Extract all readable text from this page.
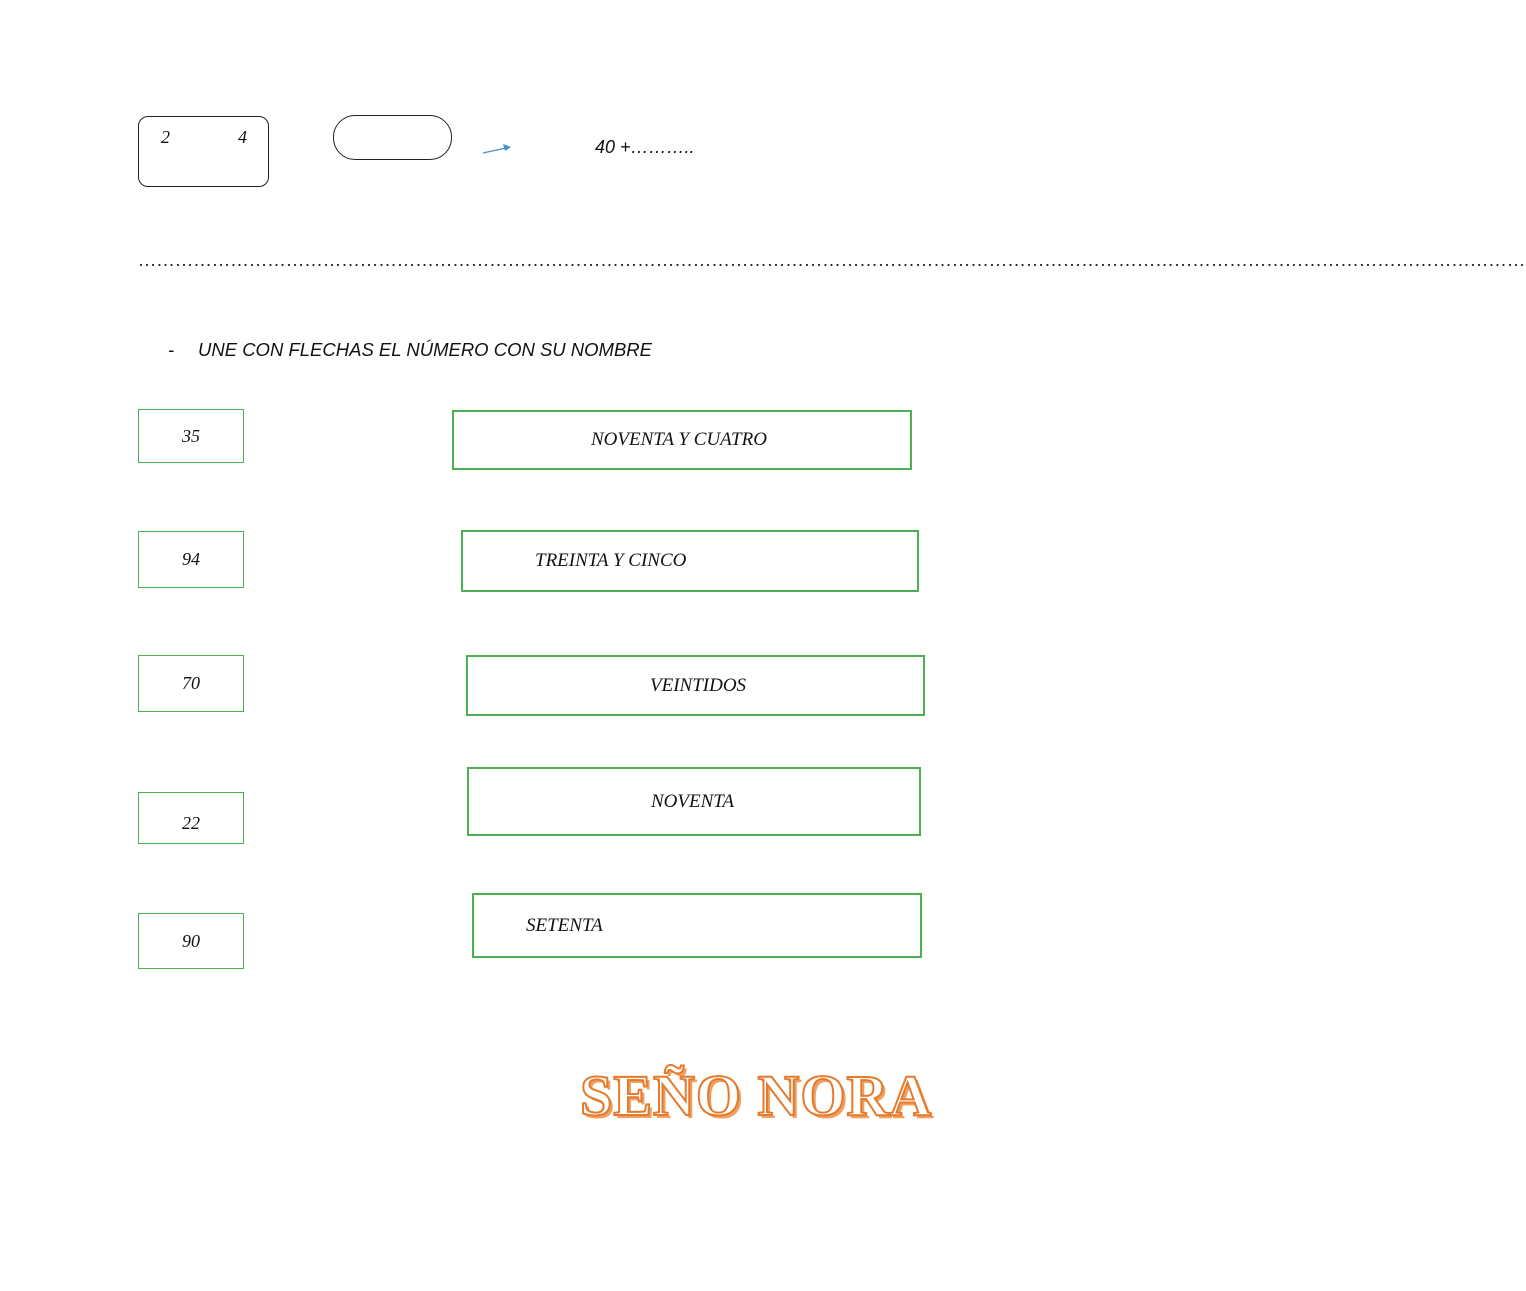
2	4	40 +………..
………………………………………………………………………………………………………………………………………………………………………………………………………
- UNE CON FLECHAS EL NÚMERO CON SU NOMBRE
35
94
70
22
90
NOVENTA Y CUATRO
TREINTA Y CINCO
VEINTIDOS
NOVENTA
SETENTA
SEÑO NORA
